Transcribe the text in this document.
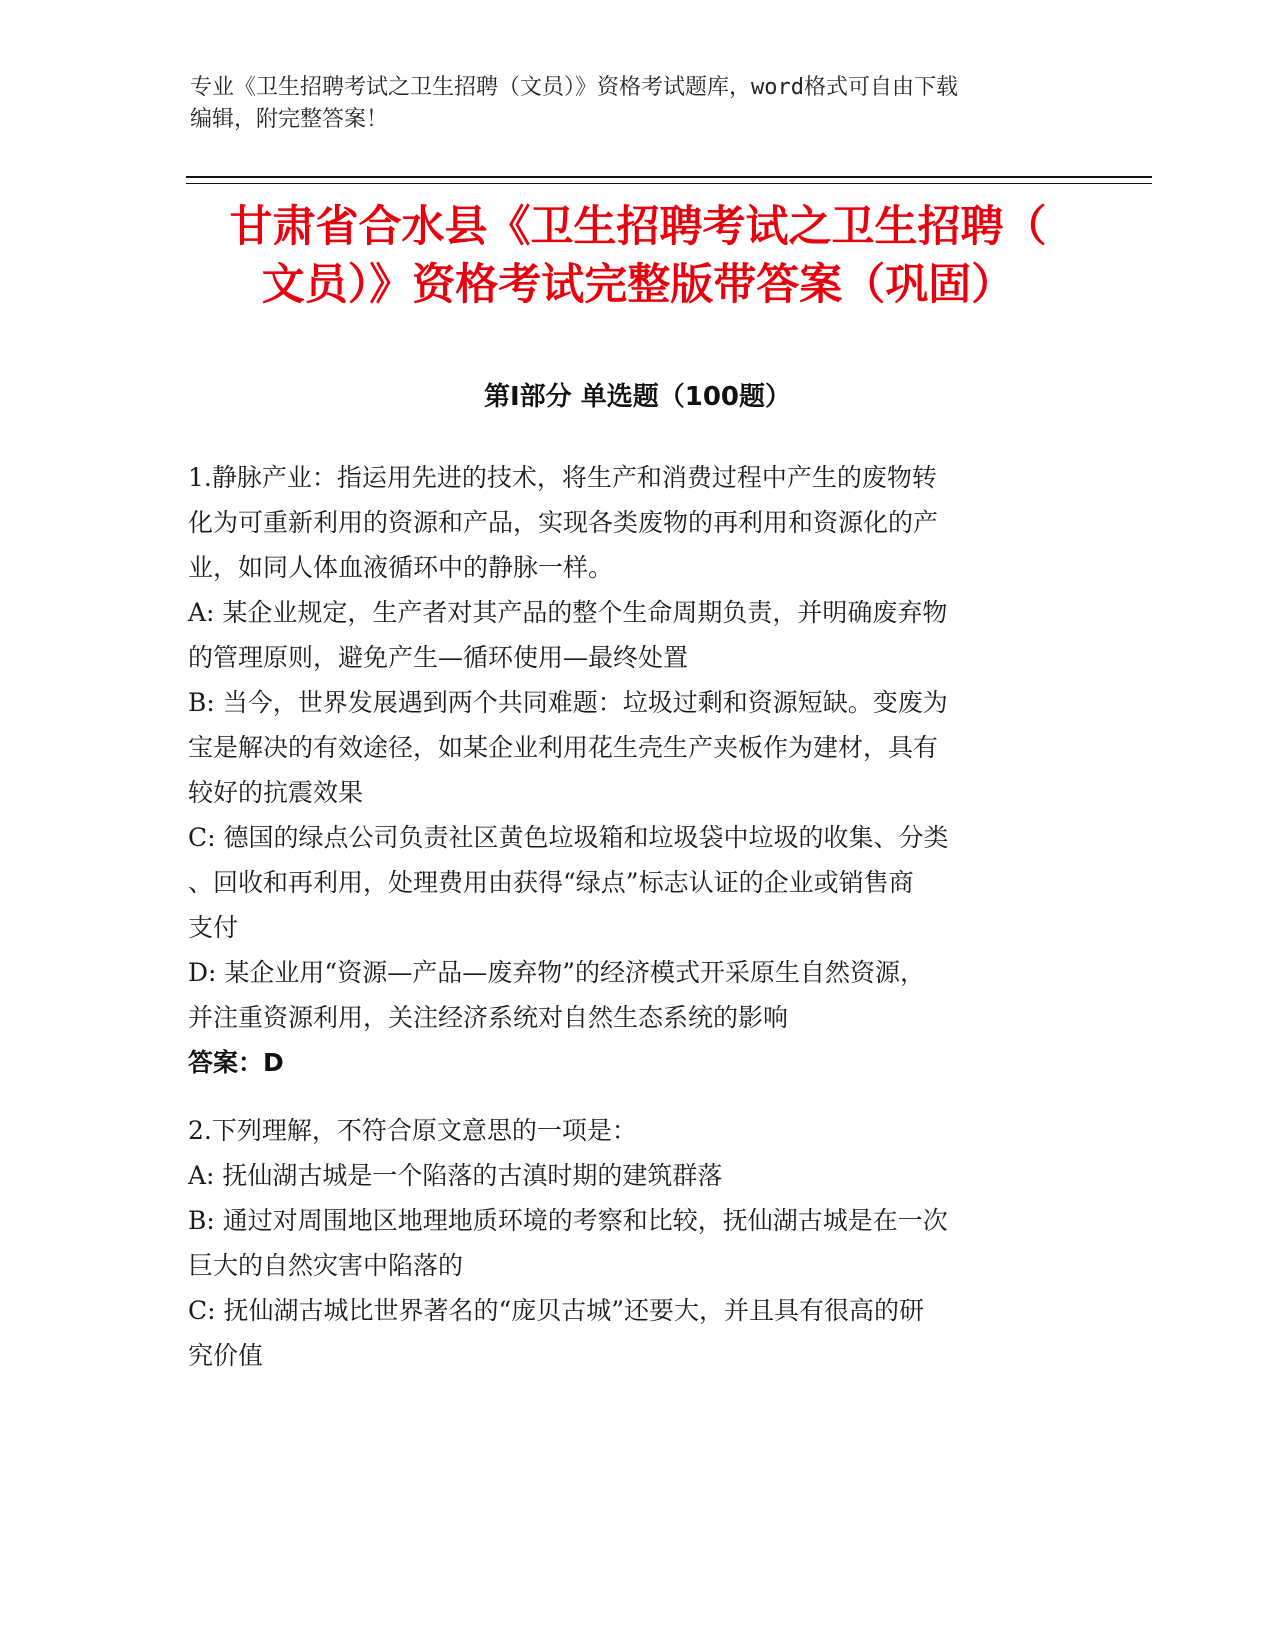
专业《卫生招聘考试之卫生招聘（文员）》资格考试题库，word格式可自由下载
编辑，附完整答案！
甘肃省合水县《卫生招聘考试之卫生招聘（
文员）》资格考试完整版带答案（巩固）
第Ⅰ部分 单选题（100题）
1.静脉产业：指运用先进的技术，将生产和消费过程中产生的废物转
化为可重新利用的资源和产品，实现各类废物的再利用和资源化的产
业，如同人体血液循环中的静脉一样。
A: 某企业规定，生产者对其产品的整个生命周期负责，并明确废弃物
的管理原则，避免产生—循环使用—最终处置
B: 当今，世界发展遇到两个共同难题：垃圾过剩和资源短缺。变废为
宝是解决的有效途径，如某企业利用花生壳生产夹板作为建材，具有
较好的抗震效果
C: 德国的绿点公司负责社区黄色垃圾箱和垃圾袋中垃圾的收集、分类
、回收和再利用，处理费用由获得“绿点”标志认证的企业或销售商
支付
D: 某企业用“资源—产品—废弃物”的经济模式开采原生自然资源，
并注重资源利用，关注经济系统对自然生态系统的影响
答案：D
2.下列理解，不符合原文意思的一项是：
A: 抚仙湖古城是一个陷落的古滇时期的建筑群落
B: 通过对周围地区地理地质环境的考察和比较，抚仙湖古城是在一次
巨大的自然灾害中陷落的
C: 抚仙湖古城比世界著名的“庞贝古城”还要大，并且具有很高的研
究价值
